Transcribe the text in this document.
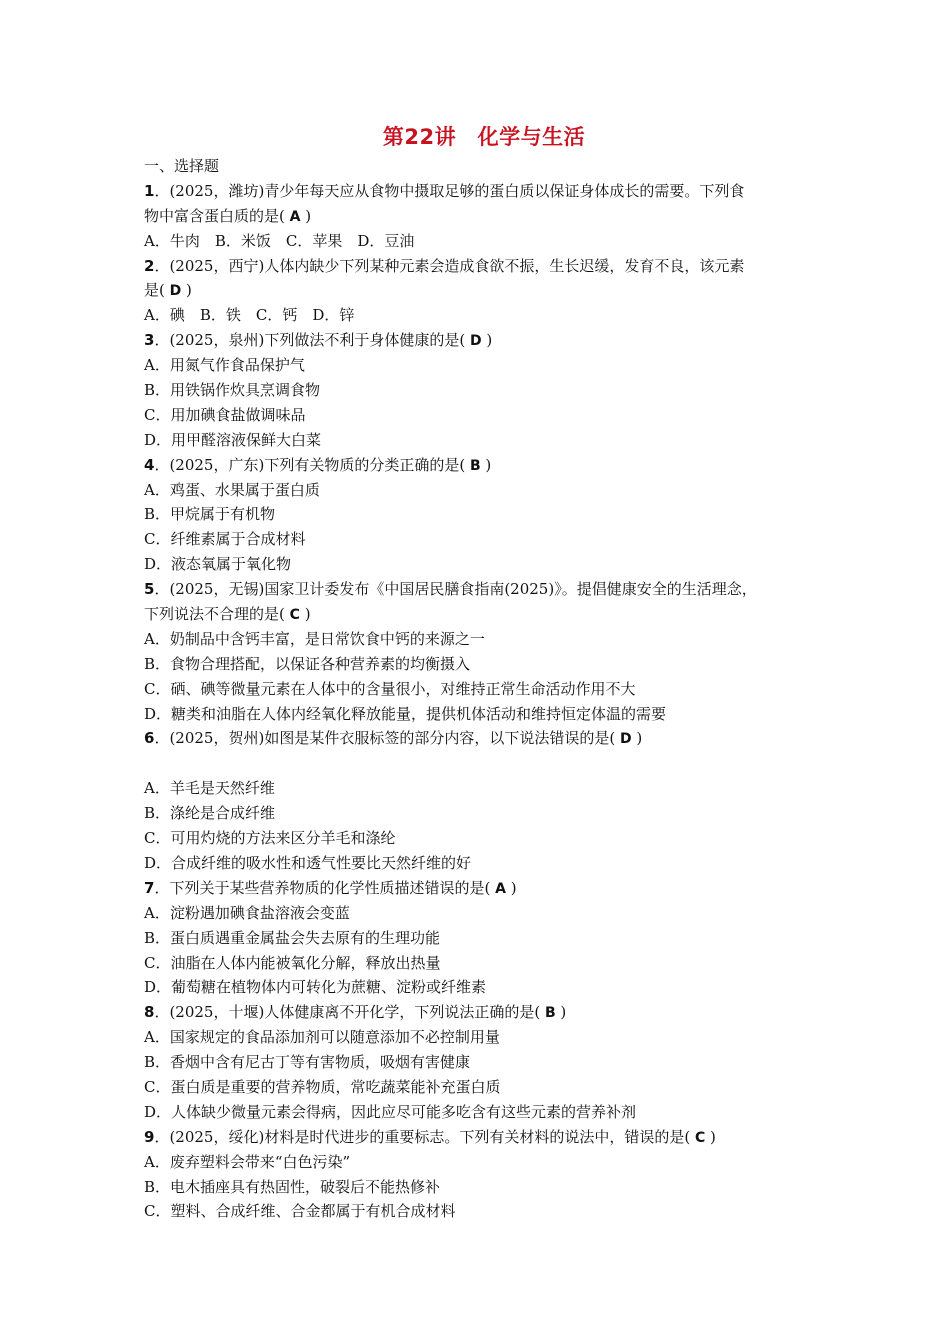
第22讲　化学与生活
一、选择题
1．(2025，潍坊)青少年每天应从食物中摄取足够的蛋白质以保证身体成长的需要。下列食
物中富含蛋白质的是( A )
A．牛肉　B．米饭　C．苹果　D．豆油
2．(2025，西宁)人体内缺少下列某种元素会造成食欲不振，生长迟缓，发育不良，该元素
是( D )
A．碘　B．铁　C．钙　D．锌
3．(2025，泉州)下列做法不利于身体健康的是( D )
A．用氮气作食品保护气
B．用铁锅作炊具烹调食物
C．用加碘食盐做调味品
D．用甲醛溶液保鲜大白菜
4．(2025，广东)下列有关物质的分类正确的是( B )
A．鸡蛋、水果属于蛋白质
B．甲烷属于有机物
C．纤维素属于合成材料
D．液态氧属于氧化物
5．(2025，无锡)国家卫计委发布《中国居民膳食指南(2025)》。提倡健康安全的生活理念，
下列说法不合理的是( C )
A．奶制品中含钙丰富，是日常饮食中钙的来源之一
B．食物合理搭配，以保证各种营养素的均衡摄入
C．硒、碘等微量元素在人体中的含量很小，对维持正常生命活动作用不大
D．糖类和油脂在人体内经氧化释放能量，提供机体活动和维持恒定体温的需要
6．(2025，贺州)如图是某件衣服标签的部分内容，以下说法错误的是( D )
A．羊毛是天然纤维
B．涤纶是合成纤维
C．可用灼烧的方法来区分羊毛和涤纶
D．合成纤维的吸水性和透气性要比天然纤维的好
7．下列关于某些营养物质的化学性质描述错误的是( A )
A．淀粉遇加碘食盐溶液会变蓝
B．蛋白质遇重金属盐会失去原有的生理功能
C．油脂在人体内能被氧化分解，释放出热量
D．葡萄糖在植物体内可转化为蔗糖、淀粉或纤维素
8．(2025，十堰)人体健康离不开化学，下列说法正确的是( B )
A．国家规定的食品添加剂可以随意添加不必控制用量
B．香烟中含有尼古丁等有害物质，吸烟有害健康
C．蛋白质是重要的营养物质，常吃蔬菜能补充蛋白质
D．人体缺少微量元素会得病，因此应尽可能多吃含有这些元素的营养补剂
9．(2025，绥化)材料是时代进步的重要标志。下列有关材料的说法中，错误的是( C )
A．废弃塑料会带来“白色污染”
B．电木插座具有热固性，破裂后不能热修补
C．塑料、合成纤维、合金都属于有机合成材料
